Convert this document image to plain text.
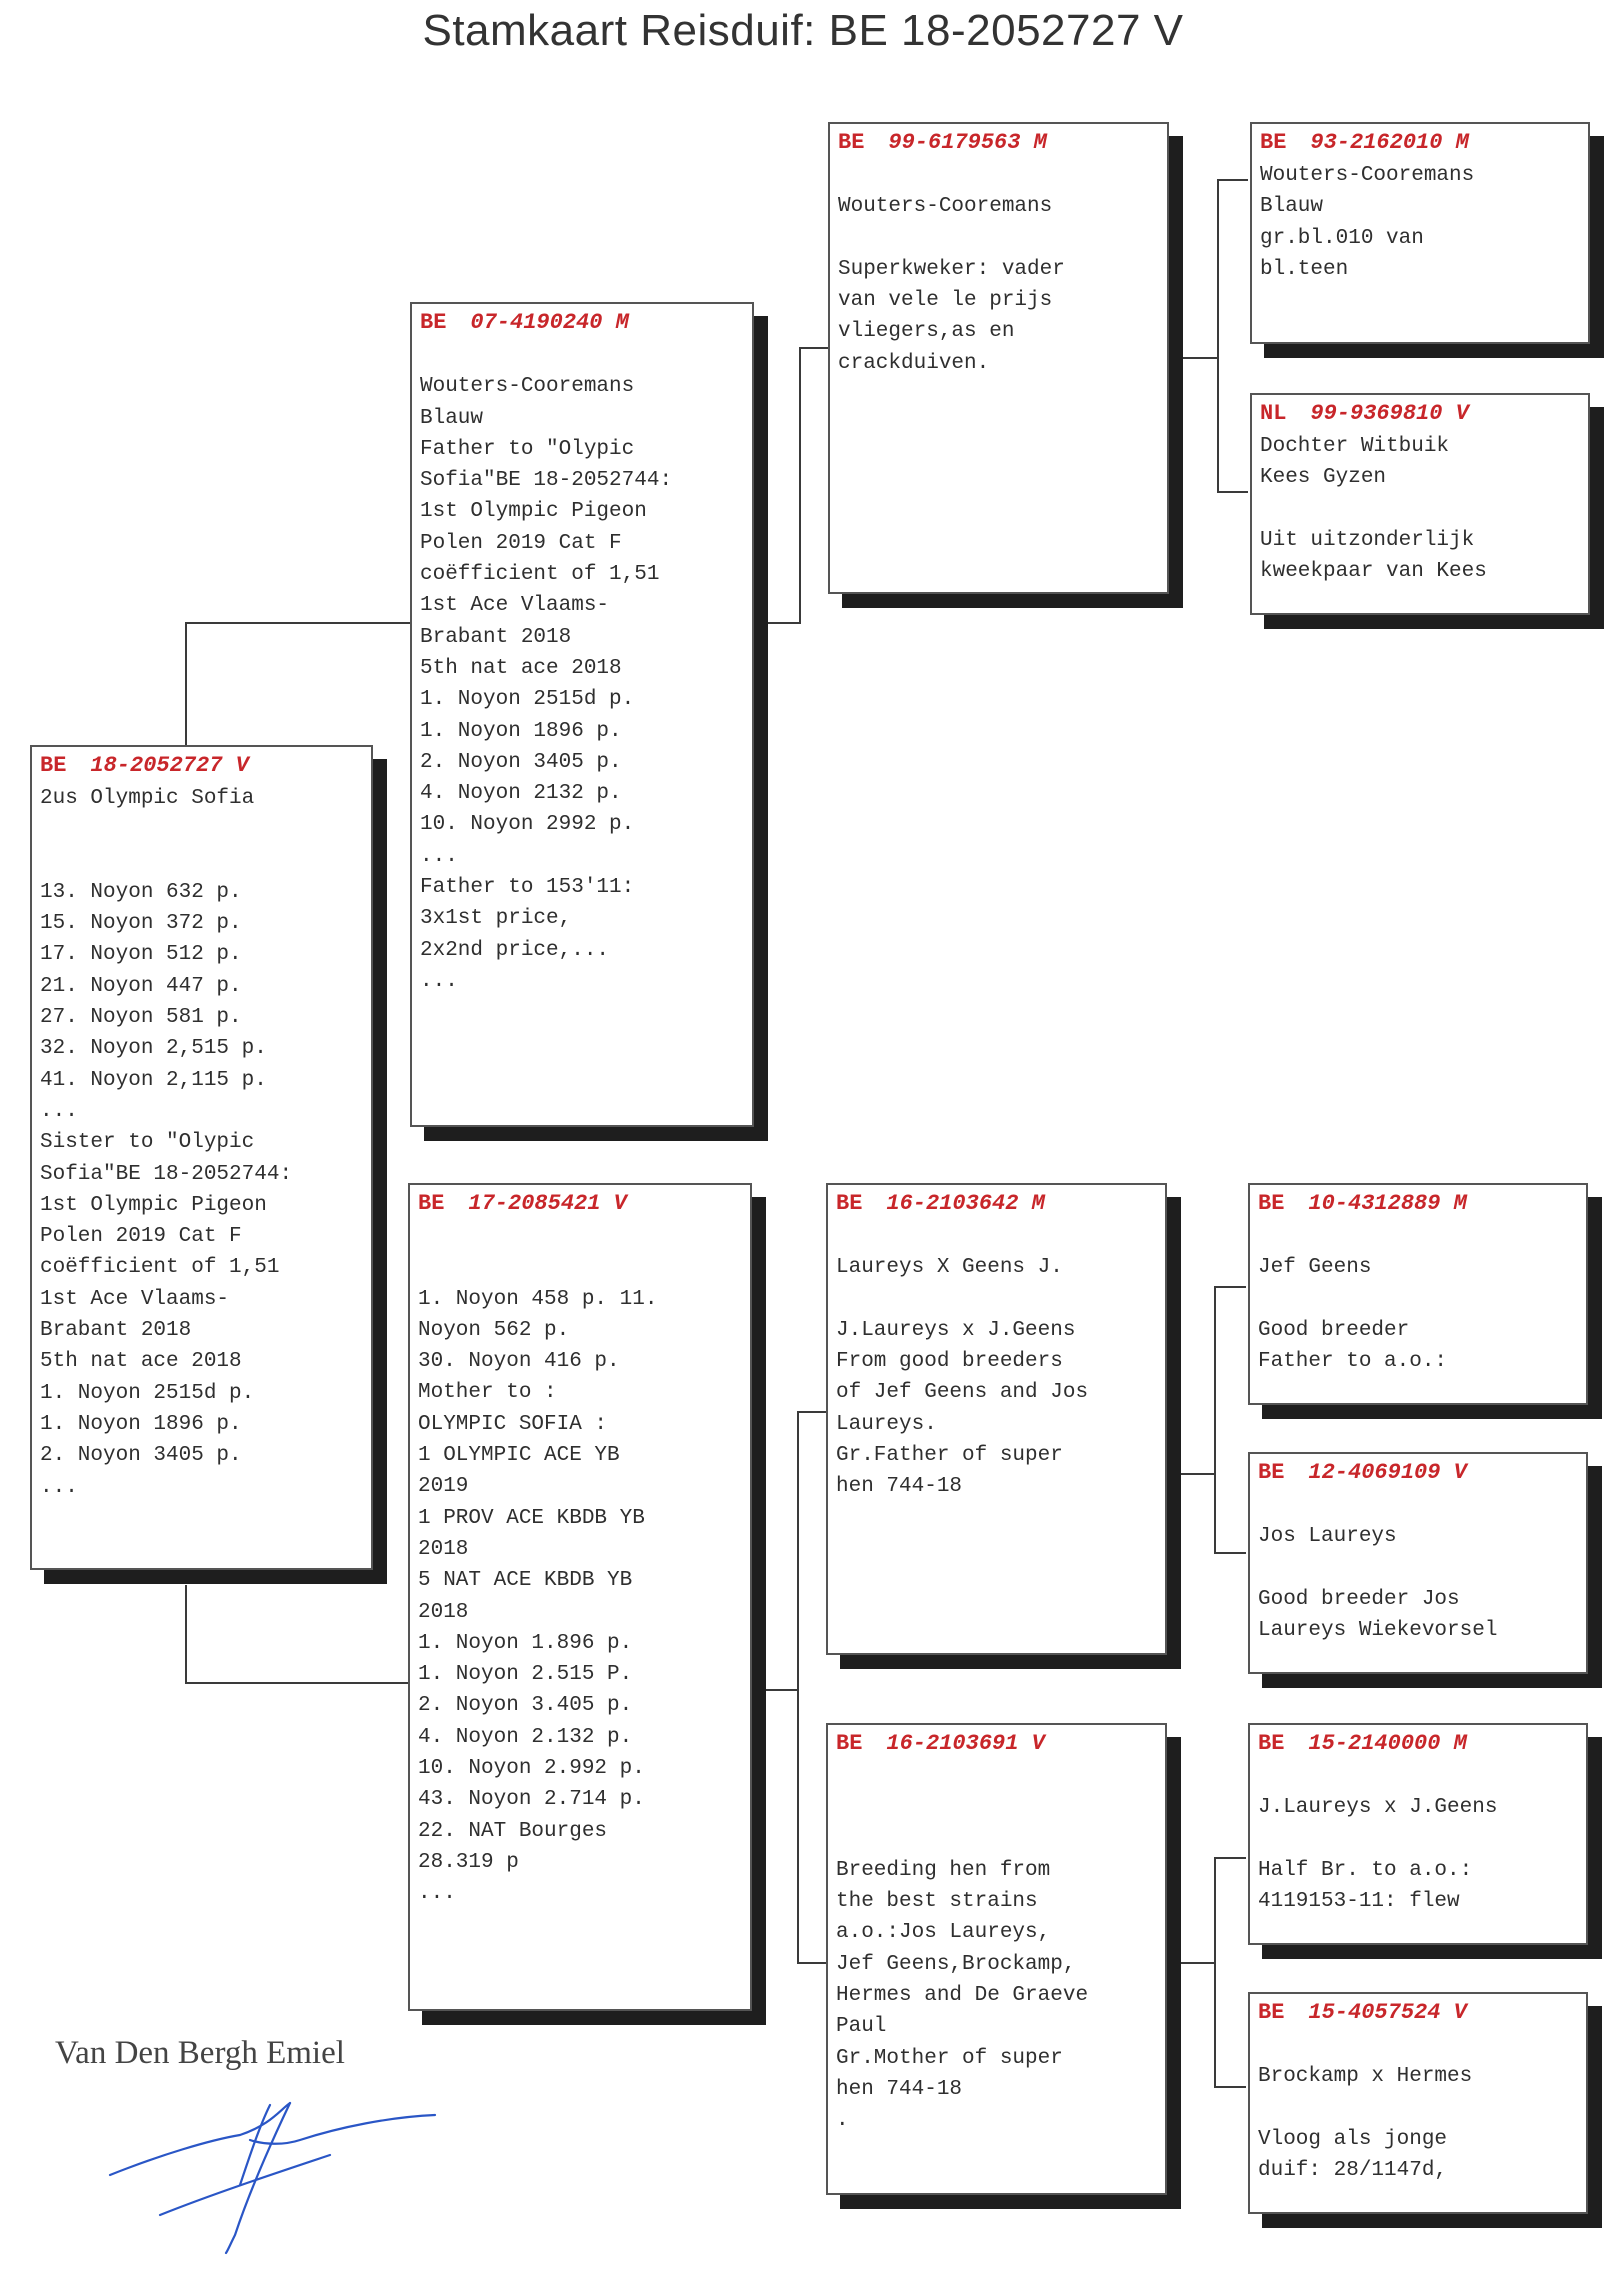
Stamkaart Reisduif: BE 18-2052727 V
BE 18-2052727 V
2us Olympic Sofia

13. Noyon 632 p.
15. Noyon 372 p.
17. Noyon 512 p.
21. Noyon 447 p.
27. Noyon 581 p.
32. Noyon 2,515 p.
41. Noyon 2,115 p.
...
Sister to "Olypic
Sofia"BE 18-2052744:
1st Olympic Pigeon
Polen 2019 Cat F
coëfficient of 1,51
1st Ace Vlaams-
Brabant 2018
5th nat ace 2018
1. Noyon 2515d p.
1. Noyon 1896 p.
2. Noyon 3405 p.
...
BE 07-4190240 M

Wouters-Cooremans
Blauw
Father to "Olypic
Sofia"BE 18-2052744:
1st Olympic Pigeon
Polen 2019 Cat F
coëfficient of 1,51
1st Ace Vlaams-
Brabant 2018
5th nat ace 2018
1. Noyon 2515d p.
1. Noyon 1896 p.
2. Noyon 3405 p.
4. Noyon 2132 p.
10. Noyon 2992 p.
...
Father to 153'11:
3x1st price,
2x2nd price,...
...
BE 17-2085421 V

1. Noyon 458 p. 11.
Noyon 562 p.
30. Noyon 416 p.
Mother to :
OLYMPIC SOFIA :
1 OLYMPIC ACE YB
2019
1 PROV ACE KBDB YB
2018
5 NAT ACE KBDB YB
2018
1. Noyon 1.896 p.
1. Noyon 2.515 P.
2. Noyon 3.405 p.
4. Noyon 2.132 p.
10. Noyon 2.992 p.
43. Noyon 2.714 p.
22. NAT Bourges
28.319 p
...
BE 99-6179563 M

Wouters-Cooremans

Superkweker: vader
van vele le prijs
vliegers,as en
crackduiven.
BE 93-2162010 M
Wouters-Cooremans
Blauw
gr.bl.010 van
bl.teen
NL 99-9369810 V
Dochter Witbuik
Kees Gyzen

Uit uitzonderlijk
kweekpaar van Kees
BE 16-2103642 M

Laureys X Geens J.

J.Laureys x J.Geens
From good breeders
of Jef Geens and Jos
Laureys.
Gr.Father of super
hen 744-18
BE 16-2103691 V

Breeding hen from
the best strains
a.o.:Jos Laureys,
Jef Geens,Brockamp,
Hermes and De Graeve
Paul
Gr.Mother of super
hen 744-18
.
BE 10-4312889 M

Jef Geens

Good breeder
Father to a.o.:
BE 12-4069109 V

Jos Laureys

Good breeder Jos
Laureys Wiekevorsel
BE 15-2140000 M

J.Laureys x J.Geens

Half Br. to a.o.:
4119153-11: flew
BE 15-4057524 V

Brockamp x Hermes

Vloog als jonge
duif: 28/1147d,
Van Den Bergh Emiel
